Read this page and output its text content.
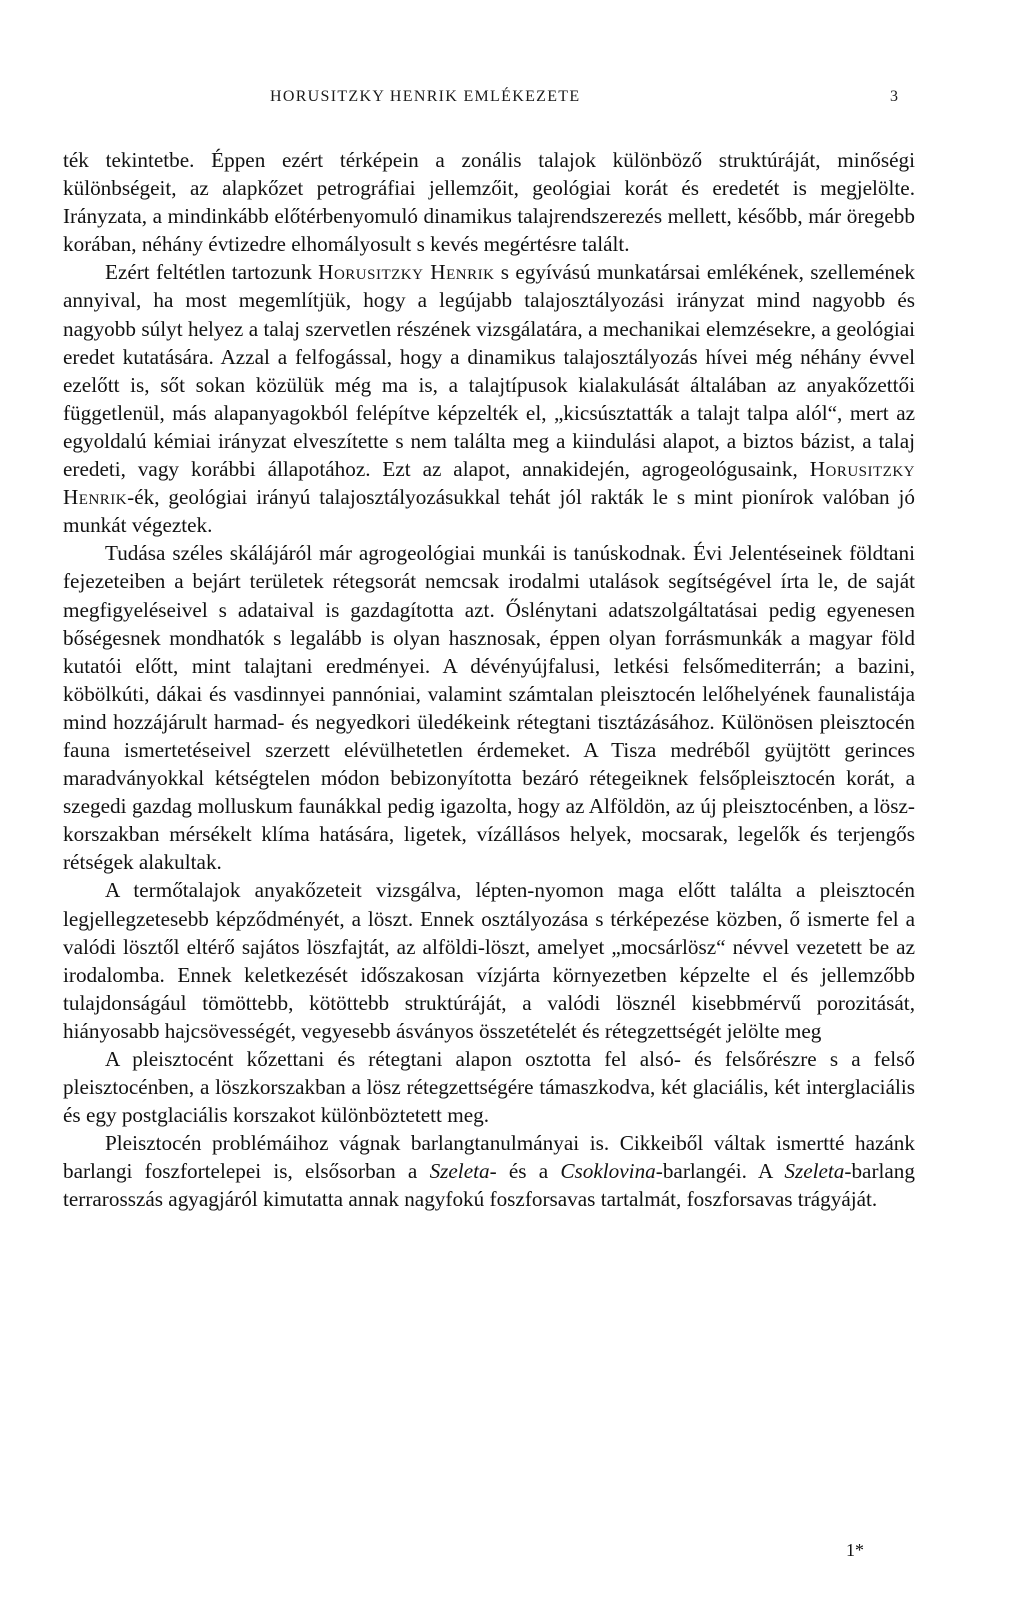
HORUSITZKY HENRIK EMLÉKEZETE	3

ték tekintetbe. Éppen ezért térképein a zonális talajok különböző struktúráját, minőségi különbségeit, az alapkőzet petrográfiai jellemzőit, geológiai korát és eredetét is megjelölte. Irányzata, a mindinkább előtérbenyomuló dinamikus talajrendszerezés mellett, később, már öregebb korában, néhány évtizedre elhomályosult s kevés megértésre talált.

Ezért feltétlen tartozunk Horusitzky Henrik s egyívású munkatársai emlékének, szellemének annyival, ha most megemlítjük, hogy a legújabb talajosztályozási irányzat mind nagyobb és nagyobb súlyt helyez a talaj szervetlen részének vizsgálatára, a mechanikai elemzésekre, a geológiai eredet kutatására. Azzal a felfogással, hogy a dinamikus talajosztályozás hívei még néhány évvel ezelőtt is, sőt sokan közülük még ma is, a talajtípusok kialakulását általában az anyakőzettői függetlenül, más alapanyagokból felépítve képzelték el, „kicsúsztatták a talajt talpa alól“, mert az egyoldalú kémiai irányzat elveszítette s nem találta meg a kiindulási alapot, a biztos bázist, a talaj eredeti, vagy korábbi állapotához. Ezt az alapot, annakidején, agrogeológusaink, Horusitzky Henrik-ék, geológiai irányú talajosztályozásukkal tehát jól rakták le s mint pionírok valóban jó munkát végeztek.

Tudása széles skálájáról már agrogeológiai munkái is tanúskodnak. Évi Jelentéseinek földtani fejezeteiben a bejárt területek rétegsorát nemcsak irodalmi utalások segítségével írta le, de saját megfigyeléseivel s adataival is gazdagította azt. Őslénytani adatszolgáltatásai pedig egyenesen bőségesnek mondhatók s legalább is olyan hasznosak, éppen olyan forrásmunkák a magyar föld kutatói előtt, mint talajtani eredményei. A dévényújfalusi, letkési felsőmediterrán; a bazini, köbölkúti, dákai és vasdinnyei pannóniai, valamint számtalan pleisztocén lelőhelyének faunalistája mind hozzájárult harmad- és negyedkori üledékeink rétegtani tisztázásához. Különösen pleisztocén fauna ismertetéseivel szerzett elévülhetetlen érdemeket. A Tisza medréből gyüjtött gerinces maradványokkal kétségtelen módon bebizonyította bezáró rétegeiknek felsőpleisztocén korát, a szegedi gazdag molluskum faunákkal pedig igazolta, hogy az Alföldön, az új pleisztocénben, a lösz-korszakban mérsékelt klíma hatására, ligetek, vízállásos helyek, mocsarak, legelők és terjengős rétségek alakultak.

A termőtalajok anyakőzeteit vizsgálva, lépten-nyomon maga előtt találta a pleisztocén legjellegzetesebb képződményét, a löszt. Ennek osztályozása s térképezése közben, ő ismerte fel a valódi lösztől eltérő sajátos löszfajtát, az alföldi-löszt, amelyet „mocsárlösz“ névvel vezetett be az irodalomba. Ennek keletkezését időszakosan vízjárta környezetben képzelte el és jellemzőbb tulajdonságául tömöttebb, kötöttebb struktúráját, a valódi lösznél kisebbmérvű porozitását, hiányosabb hajcsövességét, vegyesebb ásványos összetételét és rétegzettségét jelölte meg

A pleisztocént kőzettani és rétegtani alapon osztotta fel alsó- és felsőrészre s a felső pleisztocénben, a löszkorszakban a lösz rétegzettségére támaszkodva, két glaciális, két interglaciális és egy postglaciális korszakot különböztetett meg.

Pleisztocén problémáihoz vágnak barlangtanulmányai is. Cikkeiből váltak ismertté hazánk barlangi foszfortelepei is, elsősorban a Szeleta- és a Csoklovina-barlangéi. A Szeleta-barlang terrarosszás agyagjáról kimutatta annak nagyfokú foszforsavas tartalmát, foszforsavas trágyáját.

1*
